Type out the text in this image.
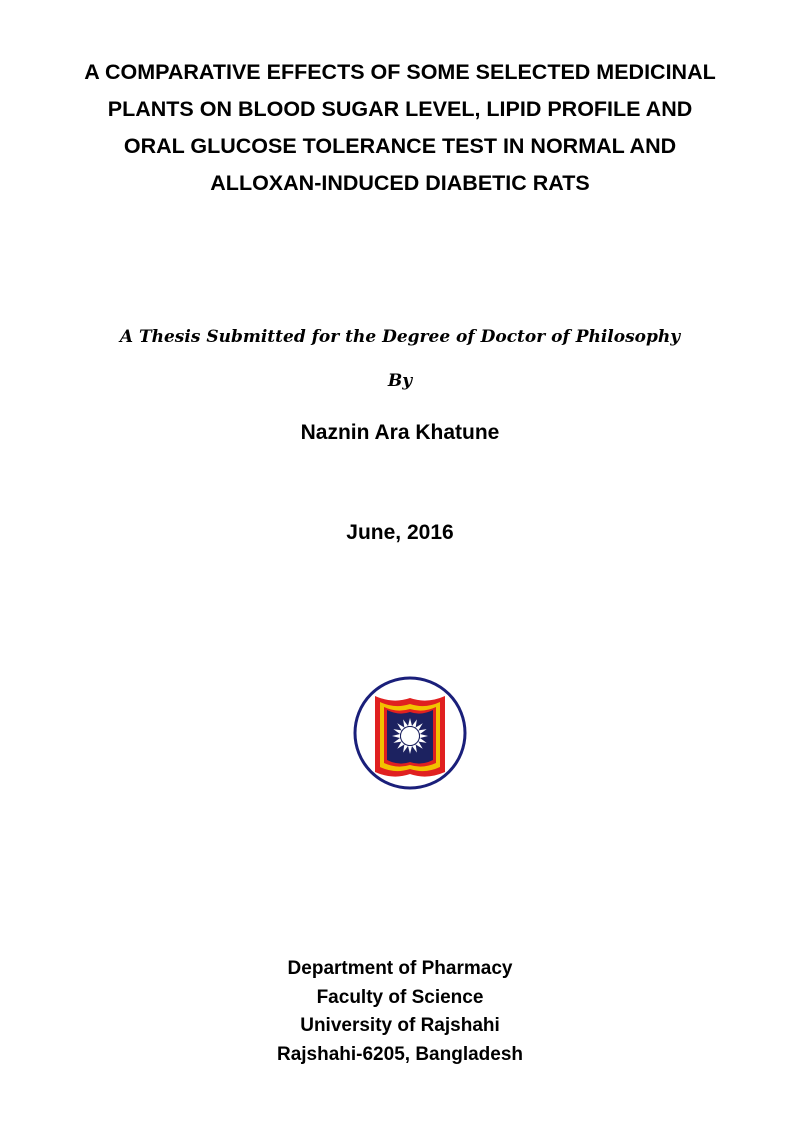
A COMPARATIVE EFFECTS OF SOME SELECTED MEDICINAL
PLANTS ON BLOOD SUGAR LEVEL, LIPID PROFILE AND
ORAL GLUCOSE TOLERANCE TEST IN NORMAL AND
ALLOXAN-INDUCED DIABETIC RATS
A Thesis Submitted for the Degree of Doctor of Philosophy
By
Naznin Ara Khatune
June, 2016
Department of Pharmacy
Faculty of Science
University of Rajshahi
Rajshahi-6205, Bangladesh
